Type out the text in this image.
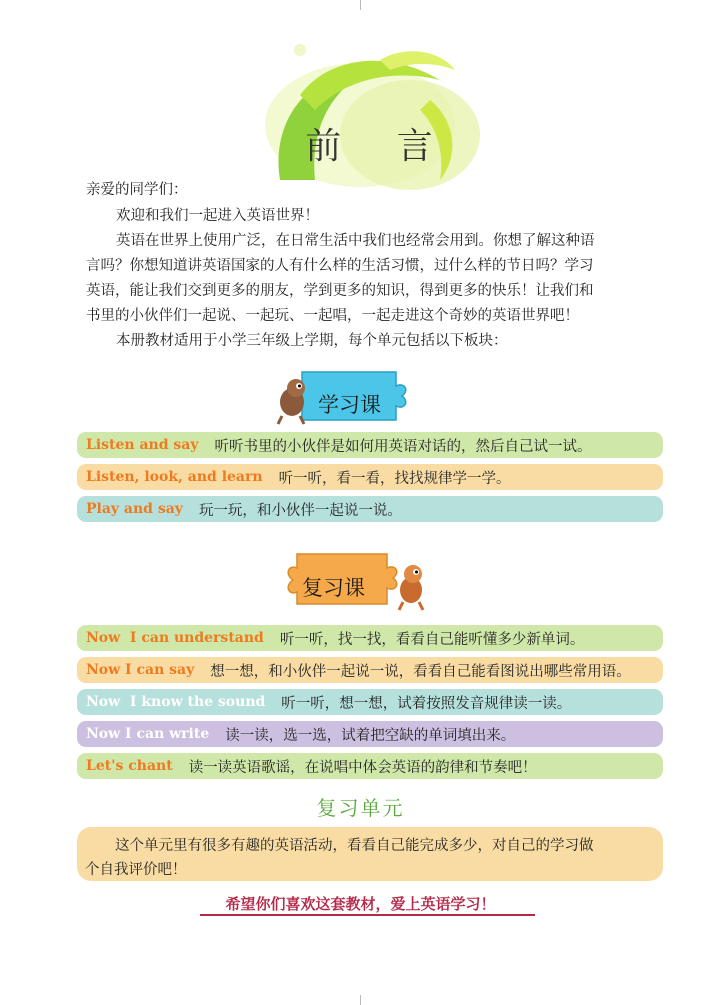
前 言
亲爱的同学们：
欢迎和我们一起进入英语世界！
英语在世界上使用广泛，在日常生活中我们也经常会用到。你想了解这种语
言吗？你想知道讲英语国家的人有什么样的生活习惯，过什么样的节日吗？学习
英语，能让我们交到更多的朋友，学到更多的知识，得到更多的快乐！让我们和
书里的小伙伴们一起说、一起玩、一起唱，一起走进这个奇妙的英语世界吧！
本册教材适用于小学三年级上学期，每个单元包括以下板块：
学习课
Listen and say 听听书里的小伙伴是如何用英语对话的，然后自己试一试。
Listen, look, and learn 听一听，看一看，找找规律学一学。
Play and say 玩一玩，和小伙伴一起说一说。
复习课
Now  I can understand 听一听，找一找，看看自己能听懂多少新单词。
Now I can say 想一想，和小伙伴一起说一说，看看自己能看图说出哪些常用语。
Now  I know the sound 听一听，想一想，试着按照发音规律读一读。
Now I can write 读一读，选一选，试着把空缺的单词填出来。
Let's chant 读一读英语歌谣，在说唱中体会英语的韵律和节奏吧！
复习单元
这个单元里有很多有趣的英语活动，看看自己能完成多少，对自己的学习做
个自我评价吧！
希望你们喜欢这套教材，爱上英语学习！
